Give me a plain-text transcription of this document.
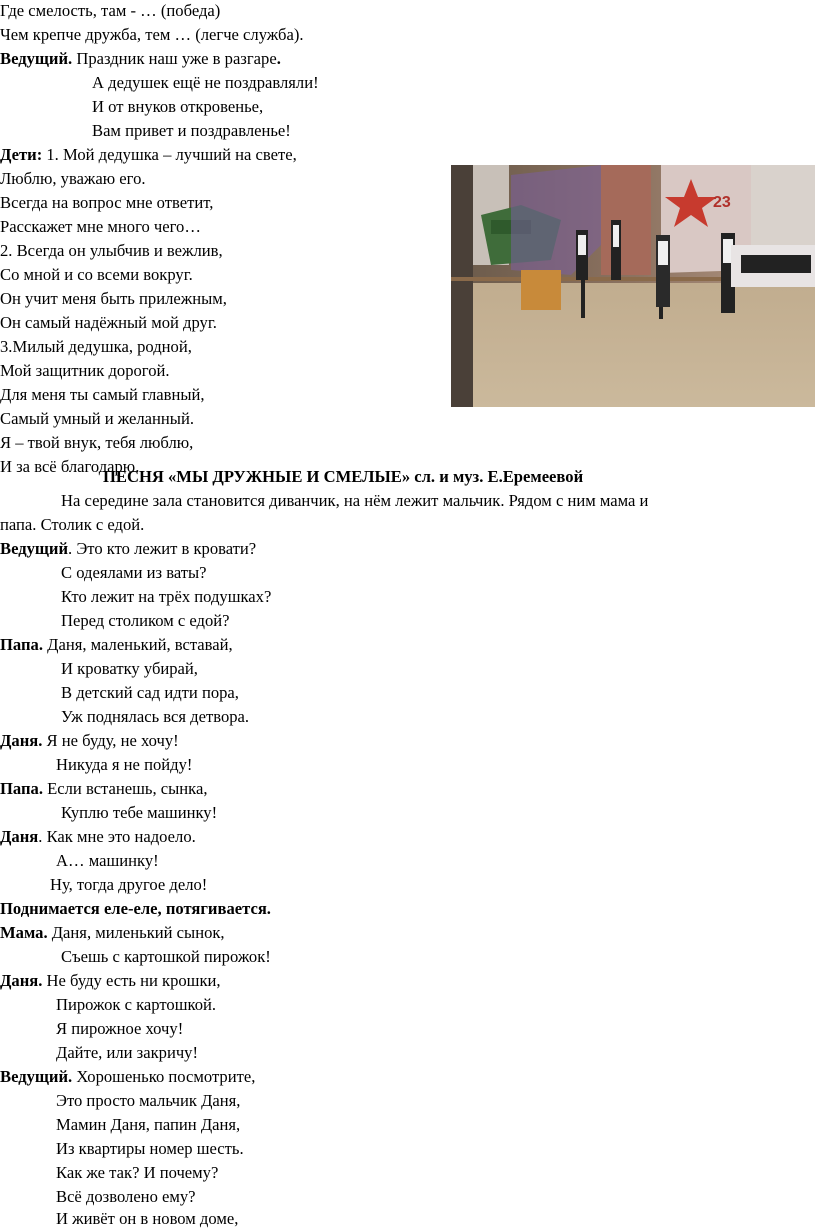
Где смелость, там - … (победа)
Чем крепче дружба, тем … (легче служба).
Ведущий. Праздник наш уже в разгаре.
А дедушек ещё не поздравляли!
И от внуков откровенье,
Вам привет и поздравленье!
Дети: 1. Мой дедушка – лучший на свете,
Люблю, уважаю его.
Всегда на вопрос мне ответит,
Расскажет мне много чего…
2. Всегда он улыбчив и вежлив,
Со мной и со всеми вокруг.
Он учит меня быть прилежным,
Он самый надёжный мой друг.
3.Милый дедушка, родной,
Мой защитник дорогой.
Для меня ты самый главный,
Самый умный и желанный.
Я – твой внук, тебя люблю,
И за всё благодарю.
23
ПЕСНЯ «МЫ ДРУЖНЫЕ И СМЕЛЫЕ» сл. и муз. Е.Еремеевой
На середине зала становится диванчик, на нём лежит мальчик. Рядом с ним мама и
папа. Столик с едой.
Ведущий. Это кто лежит в кровати?
С одеялами из ваты?
Кто лежит на трёх подушках?
Перед столиком с едой?
Папа. Даня, маленький, вставай,
И кроватку убирай,
В детский сад идти пора,
Уж поднялась вся детвора.
Даня. Я не буду, не хочу!
Никуда я не пойду!
Папа. Если встанешь, сынка,
Куплю тебе машинку!
Даня. Как мне это надоело.
А… машинку!
Ну, тогда другое дело!
Поднимается еле-еле, потягивается.
Мама. Даня, миленький сынок,
Съешь с картошкой пирожок!
Даня. Не буду есть ни крошки,
Пирожок с картошкой.
Я пирожное хочу!
Дайте, или закричу!
Ведущий. Хорошенько посмотрите,
Это просто мальчик Даня,
Мамин Даня, папин Даня,
Из квартиры номер шесть.
Как же так? И почему?
Всё дозволено ему?
И живёт он в новом доме,
